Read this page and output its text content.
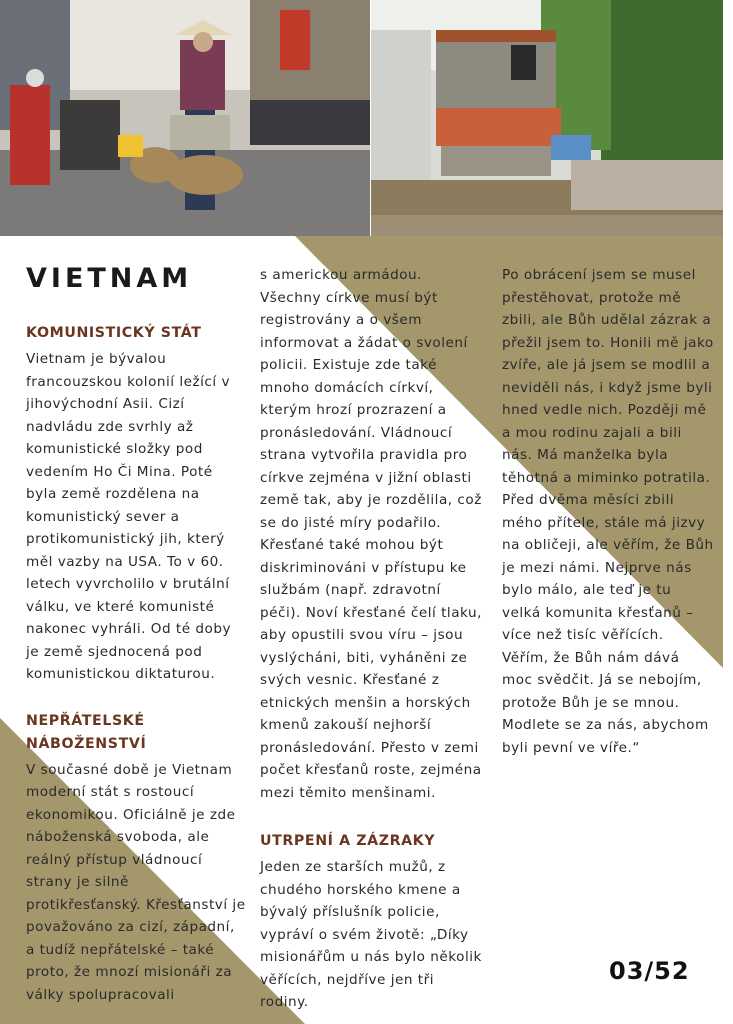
VIETNAM
KOMUNISTICKÝ STÁT

Vietnam je bývalou francouzskou kolonií ležící v jihovýchodní Asii. Cizí nadvládu zde svrhly až komunistické složky pod vedením Ho Či Mina. Poté byla země rozdělena na komunistický sever a protikomunistický jih, který měl vazby na USA. To v 60. letech vyvrcholilo v brutální válku, ve které komunisté nakonec vyhráli. Od té doby je země sjednocená pod komunistickou diktaturou.

NEPŘÁTELSKÉ NÁBOŽENSTVÍ

V současné době je Vietnam moderní stát s rostoucí ekonomikou. Oficiálně je zde náboženská svoboda, ale reálný přístup vládnoucí strany je silně protikřesťanský. Křesťanství je považováno za cizí, západní, a tudíž nepřátelské – také proto, že mnozí misionáři za války spolupracovali

s americkou armádou. Všechny církve musí být registrovány a o všem informovat a žádat o svolení policii. Existuje zde také mnoho domácích církví, kterým hrozí prozrazení a pronásledování. Vládnoucí strana vytvořila pravidla pro církve zejména v jižní oblasti země tak, aby je rozdělila, což se do jisté míry podařilo. Křesťané také mohou být diskriminováni v přístupu ke službám (např. zdravotní péči). Noví křesťané čelí tlaku, aby opustili svou víru – jsou vyslýcháni, biti, vyháněni ze svých vesnic. Křesťané z etnických menšin a horských kmenů zakouší nejhorší pronásledování. Přesto v zemi počet křesťanů roste, zejména mezi těmito menšinami.

UTRPENÍ A ZÁZRAKY

Jeden ze starších mužů, z chudého horského kmene a bývalý příslušník policie, vypráví o svém životě: „Díky misionářům u nás bylo několik věřících, nejdříve jen tři rodiny.

Po obrácení jsem se musel přestěhovat, protože mě zbili, ale Bůh udělal zázrak a přežil jsem to. Honili mě jako zvíře, ale já jsem se modlil a neviděli nás, i když jsme byli hned vedle nich. Později mě a mou rodinu zajali a bili nás. Má manželka byla těhotná a miminko potratila. Před dvěma měsíci zbili mého přítele, stále má jizvy na obličeji, ale věřím, že Bůh je mezi námi. Nejprve nás bylo málo, ale teď je tu velká komunita křesťanů – více než tisíc věřících. Věřím, že Bůh nám dává moc svědčit. Já se nebojím, protože Bůh je se mnou. Modlete se za nás, abychom byli pevní ve víře.“

03/52
